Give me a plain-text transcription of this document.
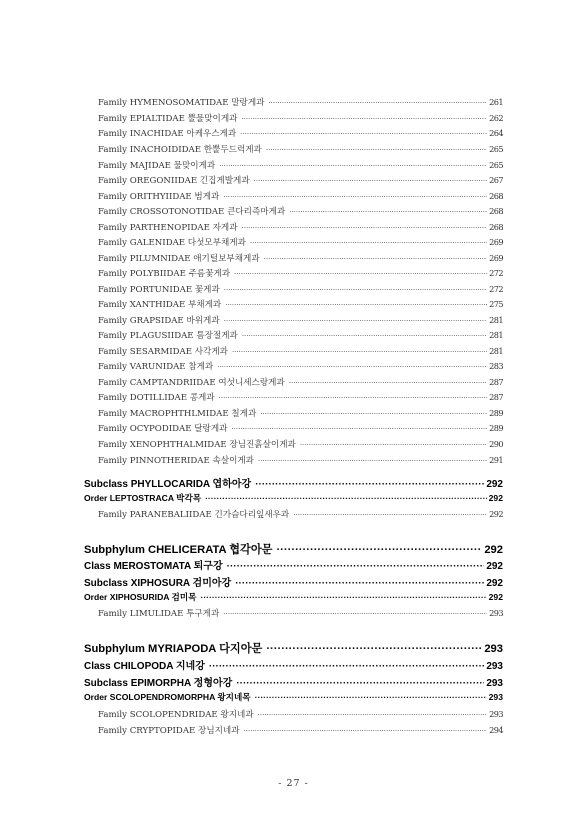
Family HYMENOSOMATIDAE 말랑게과 ·····	261
Family EPIALTIDAE 뿔물맞이게과 ·····	262
Family INACHIDAE 아케우스게과 ·····	264
Family INACHOIDIDAE 한뿔두드럭게과 ·····	265
Family MAJIDAE 물맞이게과 ·····	265
Family OREGONIIDAE 긴집게발게과 ·····	267
Family ORITHYIIDAE 범게과 ·····	268
Family CROSSOTONOTIDAE 큰다리즉마게과 ·····	268
Family PARTHENOPIDAE 자게과 ·····	268
Family GALENIDAE 다섯모부채게과 ·····	269
Family PILUMNIDAE 애기털보부채게과 ·····	269
Family POLYBIIDAE 주름꽃게과 ·····	272
Family PORTUNIDAE 꽃게과 ·····	272
Family XANTHIDAE 부채게과 ·····	275
Family GRAPSIDAE 바위게과 ·····	281
Family PLAGUSIIDAE 틈장절게과 ·····	281
Family SESARMIDAE 사각게과 ·····	281
Family VARUNIDAE 참게과 ·····	283
Family CAMPTANDRIIDAE 여섯니세스랑게과 ·····	287
Family DOTILLIDAE 콩게과 ·····	287
Family MACROPHTHLMIDAE 칠게과 ·····	289
Family OCYPODIDAE 달랑게과 ·····	289
Family XENOPHTHALMIDAE 장님진흙살이게과 ·····	290
Family PINNOTHERIDAE 속살이게과 ·····	291
Subclass PHYLLOCARIDA 엽하아강 ·····	292
Order LEPTOSTRACA 박각목 ·····	292
Family PARANEBALIIDAE 긴가슴다리잎새우과 ·····	292
Subphylum CHELICERATA 협각아문 ·····	292
Class MEROSTOMATA 퇴구강 ·····	292
Subclass XIPHOSURA 검미아강 ·····	292
Order XIPHOSURIDA 검미목 ·····	292
Family LIMULIDAE 투구게과 ·····	293
Subphylum MYRIAPODA 다지아문 ·····	293
Class CHILOPODA 지네강 ·····	293
Subclass EPIMORPHA 정형아강 ·····	293
Order SCOLOPENDROMORPHA 왕지네목 ·····	293
Family SCOLOPENDRIDAE 왕지네과 ·····	293
Family CRYPTOPIDAE 장님지네과 ·····	294
- 27 -
